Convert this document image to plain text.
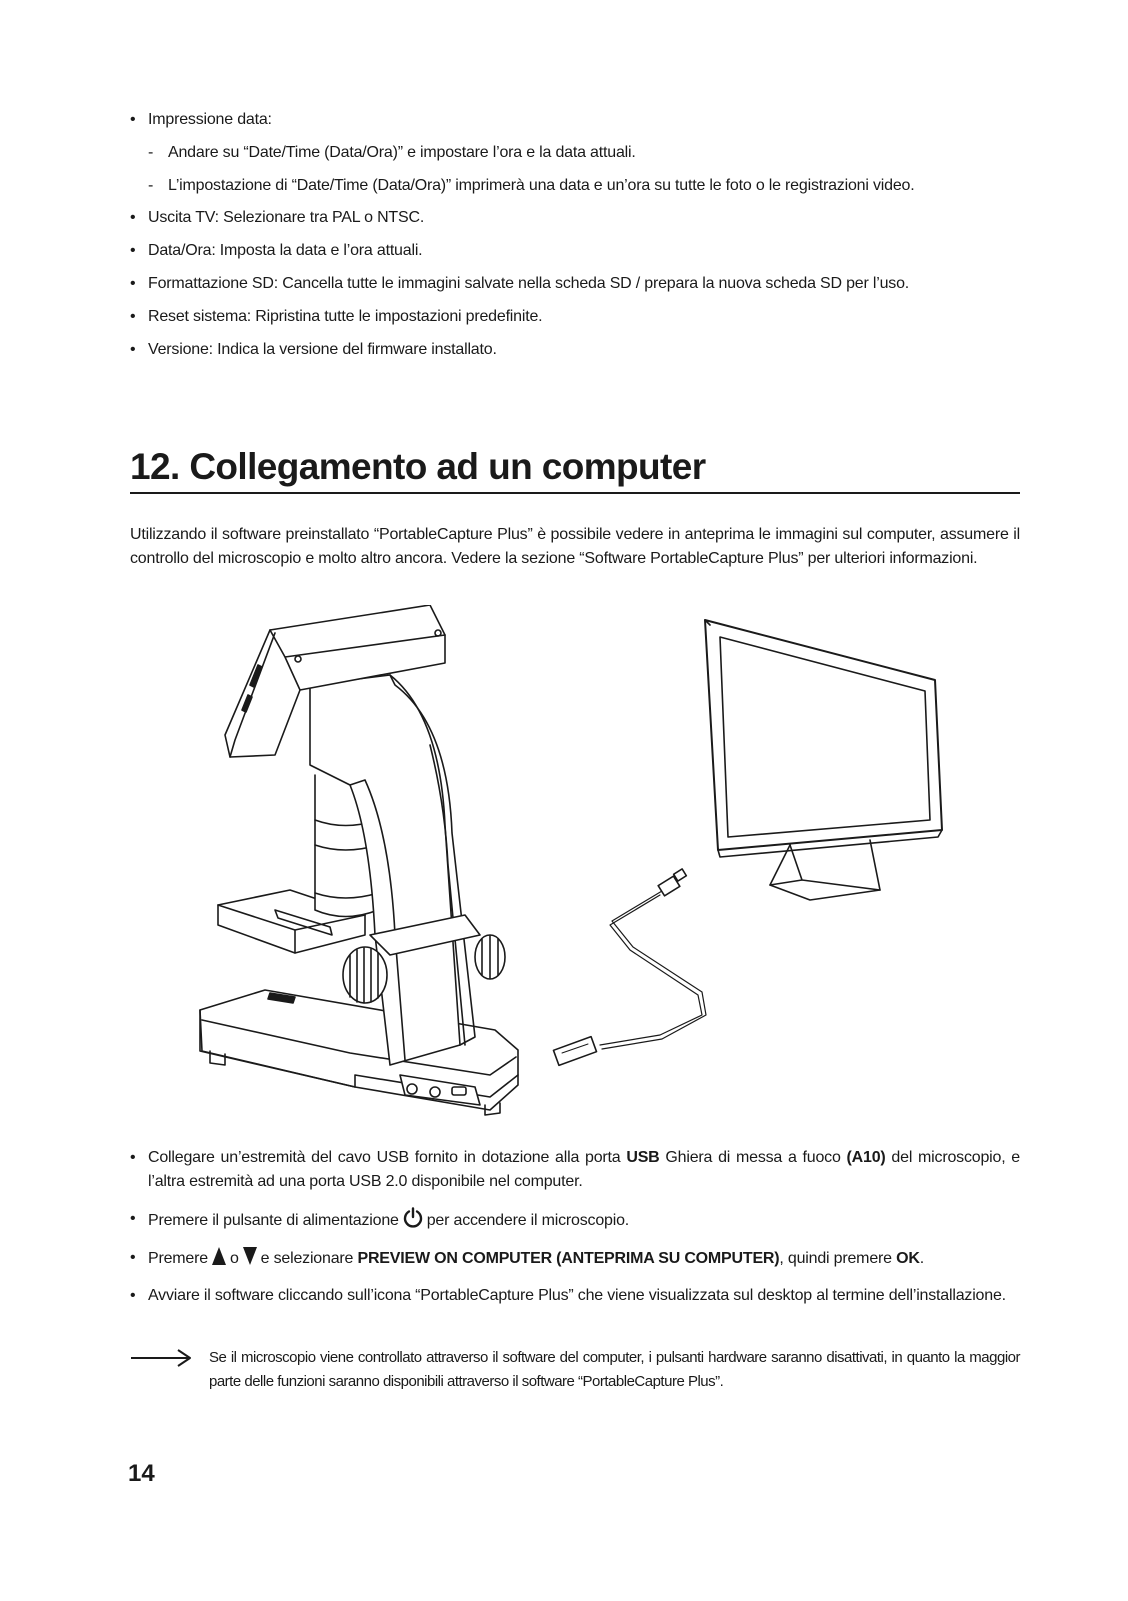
• Impressione data:
- Andare su “Date/Time (Data/Ora)” e impostare l’ora e la data attuali.
- L’impostazione di “Date/Time (Data/Ora)” imprimerà una data e un’ora su tutte le foto o le registrazioni video.
• Uscita TV: Selezionare tra PAL o NTSC.
• Data/Ora: Imposta la data e l’ora attuali.
• Formattazione SD: Cancella tutte le immagini salvate nella scheda SD / prepara la nuova scheda SD per l’uso.
• Reset sistema: Ripristina tutte le impostazioni predefinite.
• Versione: Indica la versione del firmware installato.
12. Collegamento ad un computer

Utilizzando il software preinstallato “PortableCapture Plus” è possibile vedere in anteprima le immagini sul computer, assumere il controllo del microscopio e molto altro ancora. Vedere la sezione “Software PortableCapture Plus” per ulteriori informazioni.

• Collegare un’estremità del cavo USB fornito in dotazione alla porta USB Ghiera di messa a fuoco (A10) del microscopio, e l’altra estremità ad una porta USB 2.0 disponibile nel computer.
• Premere il pulsante di alimentazione per accendere il microscopio.
• Premere o e selezionare PREVIEW ON COMPUTER (ANTEPRIMA SU COMPUTER), quindi premere OK.
• Avviare il software cliccando sull’icona “PortableCapture Plus” che viene visualizzata sul desktop al termine dell’installazione.

Se il microscopio viene controllato attraverso il software del computer, i pulsanti hardware saranno disattivati, in quanto la maggior parte delle funzioni saranno disponibili attraverso il software “PortableCapture Plus”.

14
